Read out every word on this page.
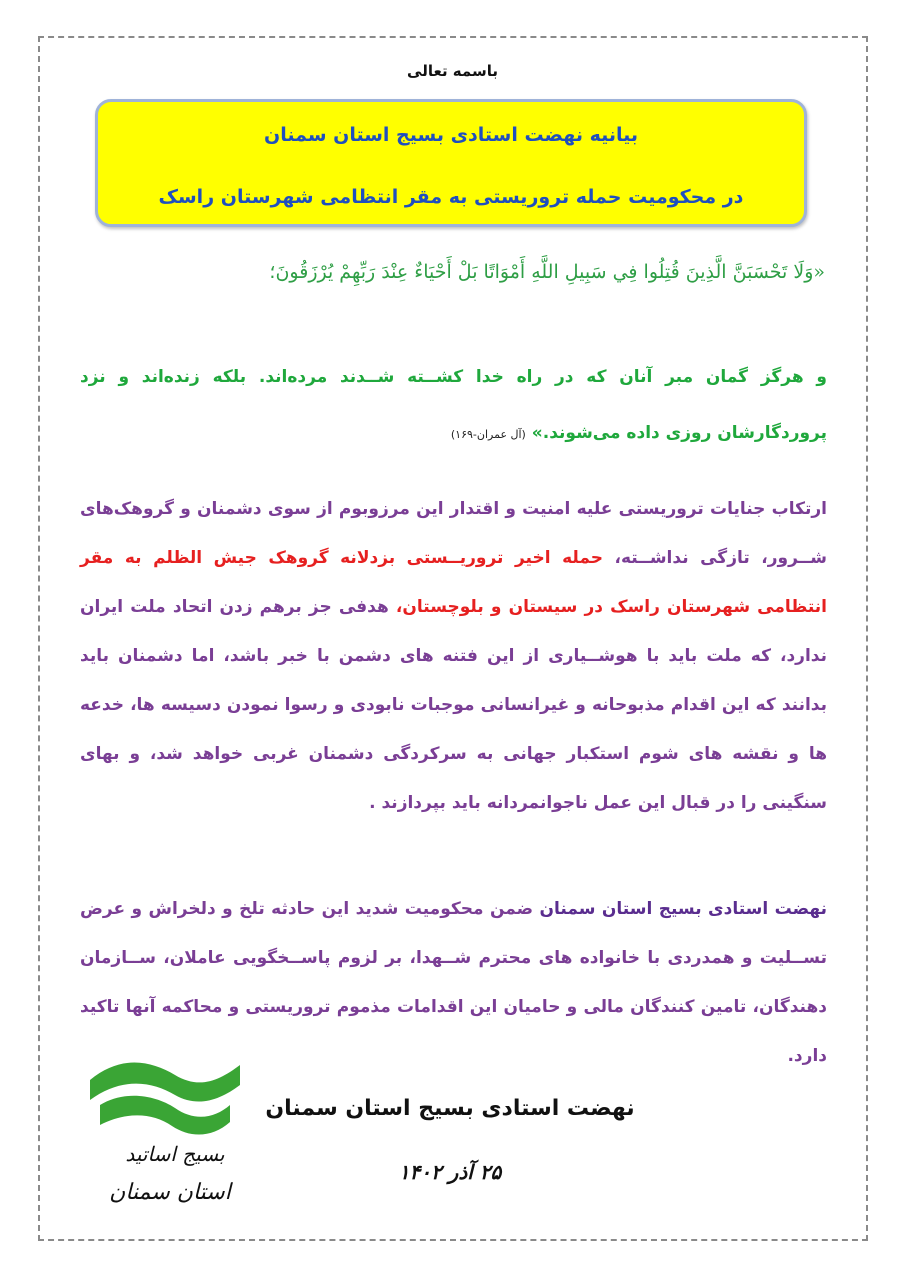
باسمه تعالی
بیانیه نهضت استادی بسیج استان سمنان
در محکومیت حمله تروریستی به مقر انتظامی شهرستان راسک
«وَلَا تَحْسَبَنَّ الَّذِينَ قُتِلُوا فِي سَبِيلِ اللَّهِ أَمْوَاتًا بَلْ أَحْيَاءٌ عِنْدَ رَبِّهِمْ يُرْزَقُونَ؛
و هرگز گمان مبر آنان که در راه خدا کشــته شــدند مرده‌اند. بلکه زنده‌اند و نزد پروردگارشان روزی داده می‌شوند.» (آل عمران-۱۶۹)
ارتکاب جنایات تروریستی علیه امنیت و اقتدار این مرزوبوم از سوی دشمنان و گروهک‌های شــرور، تازگی نداشــته، حمله اخیر تروریــستی بزدلانه گروهک جیش الظلم به مقر انتظامی شهرستان راسک در سیستان و بلوچستان، هدفی جز برهم زدن اتحاد ملت ایران ندارد، که ملت باید با هوشــیاری از این فتنه های دشمن با خبر باشد، اما دشمنان باید بدانند که این اقدام مذبوحانه و غیرانسانی موجبات نابودی و رسوا نمودن دسیسه ها، خدعه ها و نقشه های شوم استکبار جهانی به سرکردگی دشمنان غربی خواهد شد، و بهای سنگینی را در قبال این عمل ناجوانمردانه باید بپردازند .
نهضت استادی بسیج استان سمنان ضمن محکومیت شدید این حادثه تلخ و دلخراش و عرض تســلیت و همدردی با خانواده های محترم شــهدا، بر لزوم پاســخگویی عاملان، ســازمان دهندگان، تامین کنندگان مالی و حامیان این اقدامات مذموم تروریستی و محاکمه آنها تاکید دارد.
نهضت استادی بسیج استان سمنان
۲۵ آذر ۱۴۰۲
بسیج اساتید
استان سمنان
